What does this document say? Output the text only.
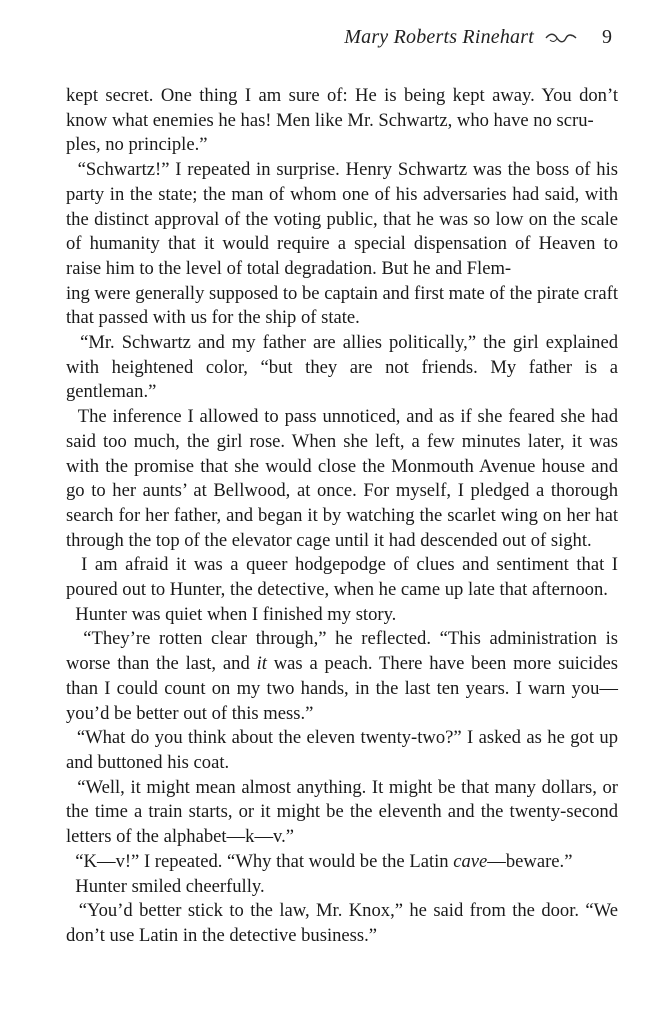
Mary Roberts Rinehart	9

kept secret. One thing I am sure of: He is being kept away. You don’t know what enemies he has! Men like Mr. Schwartz, who have no scru-
ples, no principle.”

“Schwartz!” I repeated in surprise. Henry Schwartz was the boss of his party in the state; the man of whom one of his adversaries had said, with the distinct approval of the voting public, that he was so low on the scale of humanity that it would require a special dispensation of Heaven to raise him to the level of total degradation. But he and Flem-
ing were generally supposed to be captain and first mate of the pirate craft that passed with us for the ship of state.

“Mr. Schwartz and my father are allies politically,” the girl explained with heightened color, “but they are not friends. My father is a gentleman.”

The inference I allowed to pass unnoticed, and as if she feared she had said too much, the girl rose. When she left, a few minutes later, it was with the promise that she would close the Monmouth Avenue house and go to her aunts’ at Bellwood, at once. For myself, I pledged a thorough search for her father, and began it by watching the scarlet wing on her hat through the top of the elevator cage until it had descended out of sight.

I am afraid it was a queer hodgepodge of clues and sentiment that I poured out to Hunter, the detective, when he came up late that afternoon.

Hunter was quiet when I finished my story.

“They’re rotten clear through,” he reflected. “This administration is worse than the last, and it was a peach. There have been more suicides than I could count on my two hands, in the last ten years. I warn you—you’d be better out of this mess.”

“What do you think about the eleven twenty-two?” I asked as he got up and buttoned his coat.

“Well, it might mean almost anything. It might be that many dollars, or the time a train starts, or it might be the eleventh and the twenty-second letters of the alphabet—k—v.”

“K—v!” I repeated. “Why that would be the Latin cave—beware.”

Hunter smiled cheerfully.

“You’d better stick to the law, Mr. Knox,” he said from the door. “We don’t use Latin in the detective business.”
